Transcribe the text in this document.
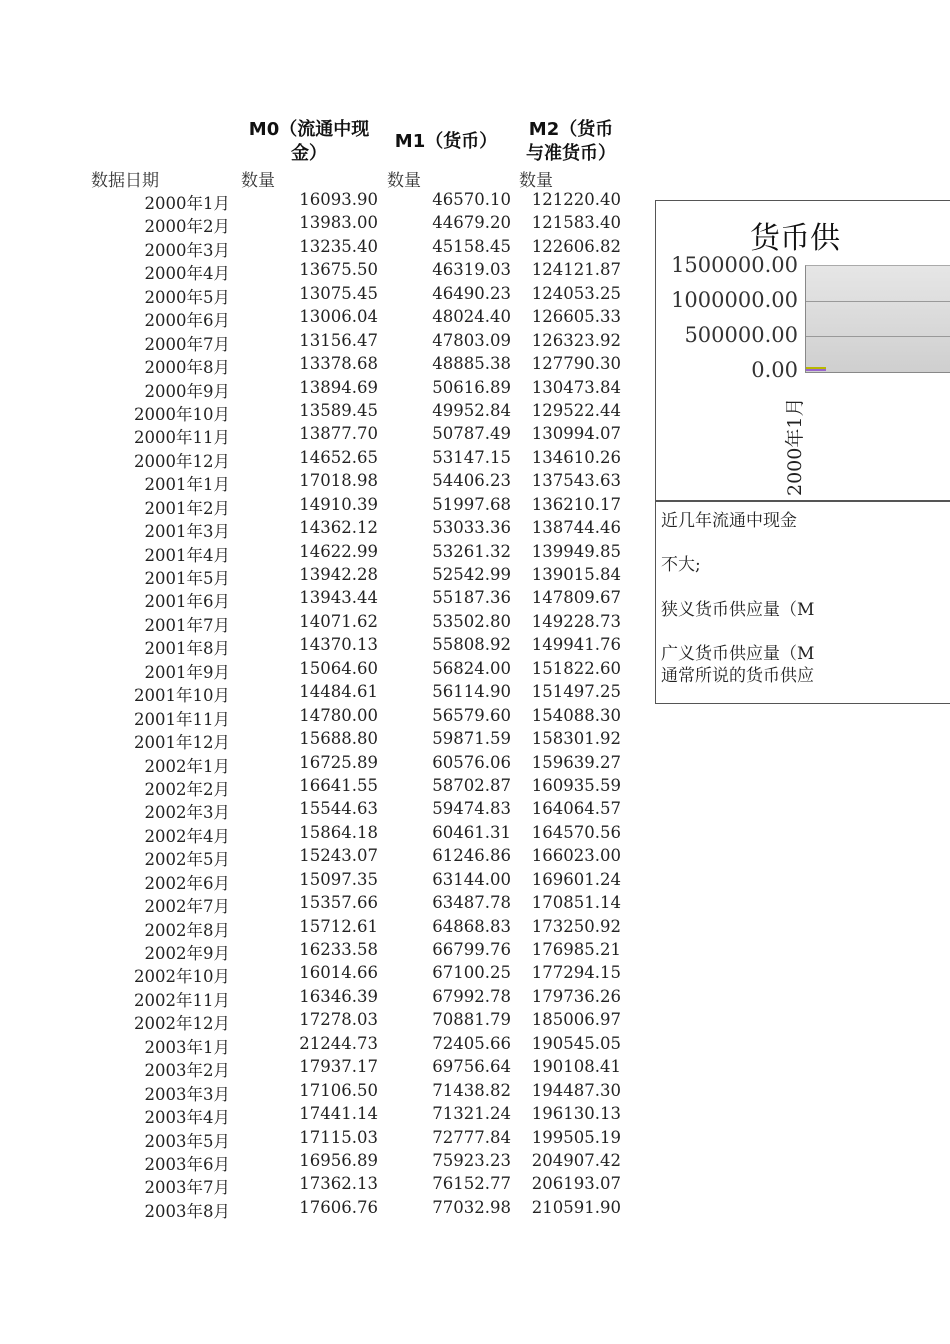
M0（流通中现
金）
M1（货币）
M2（货币
与准货币）
数据日期	数量	数量	数量
2000年1月	16093.90	46570.10 121220.40
2000年2月	13983.00	44679.20 121583.40
2000年3月	13235.40	45158.45 122606.82
2000年4月	13675.50	46319.03 124121.87
2000年5月	13075.45	46490.23 124053.25
2000年6月	13006.04	48024.40 126605.33
2000年7月	13156.47	47803.09 126323.92
2000年8月	13378.68	48885.38 127790.30
2000年9月	13894.69	50616.89 130473.84
2000年10月	13589.45	49952.84 129522.44
2000年11月	13877.70	50787.49 130994.07
2000年12月	14652.65	53147.15 134610.26
2001年1月	17018.98	54406.23 137543.63
2001年2月	14910.39	51997.68 136210.17
2001年3月	14362.12	53033.36 138744.46
2001年4月	14622.99	53261.32 139949.85
2001年5月	13942.28	52542.99 139015.84
2001年6月	13943.44	55187.36 147809.67
2001年7月	14071.62	53502.80 149228.73
2001年8月	14370.13	55808.92 149941.76
2001年9月	15064.60	56824.00 151822.60
2001年10月	14484.61	56114.90 151497.25
2001年11月	14780.00	56579.60 154088.30
2001年12月	15688.80	59871.59 158301.92
2002年1月	16725.89	60576.06 159639.27
2002年2月	16641.55	58702.87 160935.59
2002年3月	15544.63	59474.83 164064.57
2002年4月	15864.18	60461.31 164570.56
2002年5月	15243.07	61246.86 166023.00
2002年6月	15097.35	63144.00 169601.24
2002年7月	15357.66	63487.78 170851.14
2002年8月	15712.61	64868.83 173250.92
2002年9月	16233.58	66799.76 176985.21
2002年10月	16014.66	67100.25 177294.15
2002年11月	16346.39	67992.78 179736.26
2002年12月	17278.03	70881.79 185006.97
2003年1月	21244.73	72405.66 190545.05
2003年2月	17937.17	69756.64 190108.41
2003年3月	17106.50	71438.82 194487.30
2003年4月	17441.14	71321.24 196130.13
2003年5月	17115.03	72777.84 199505.19
2003年6月	16956.89	75923.23 204907.42
2003年7月	17362.13	76152.77 206193.07
2003年8月	17606.76	77032.98 210591.90
货币供
1500000.00
1000000.00
500000.00
0.00
2000年1月
近几年流通中现金
不大;
狭义货币供应量（M
广义货币供应量（M
通常所说的货币供应
